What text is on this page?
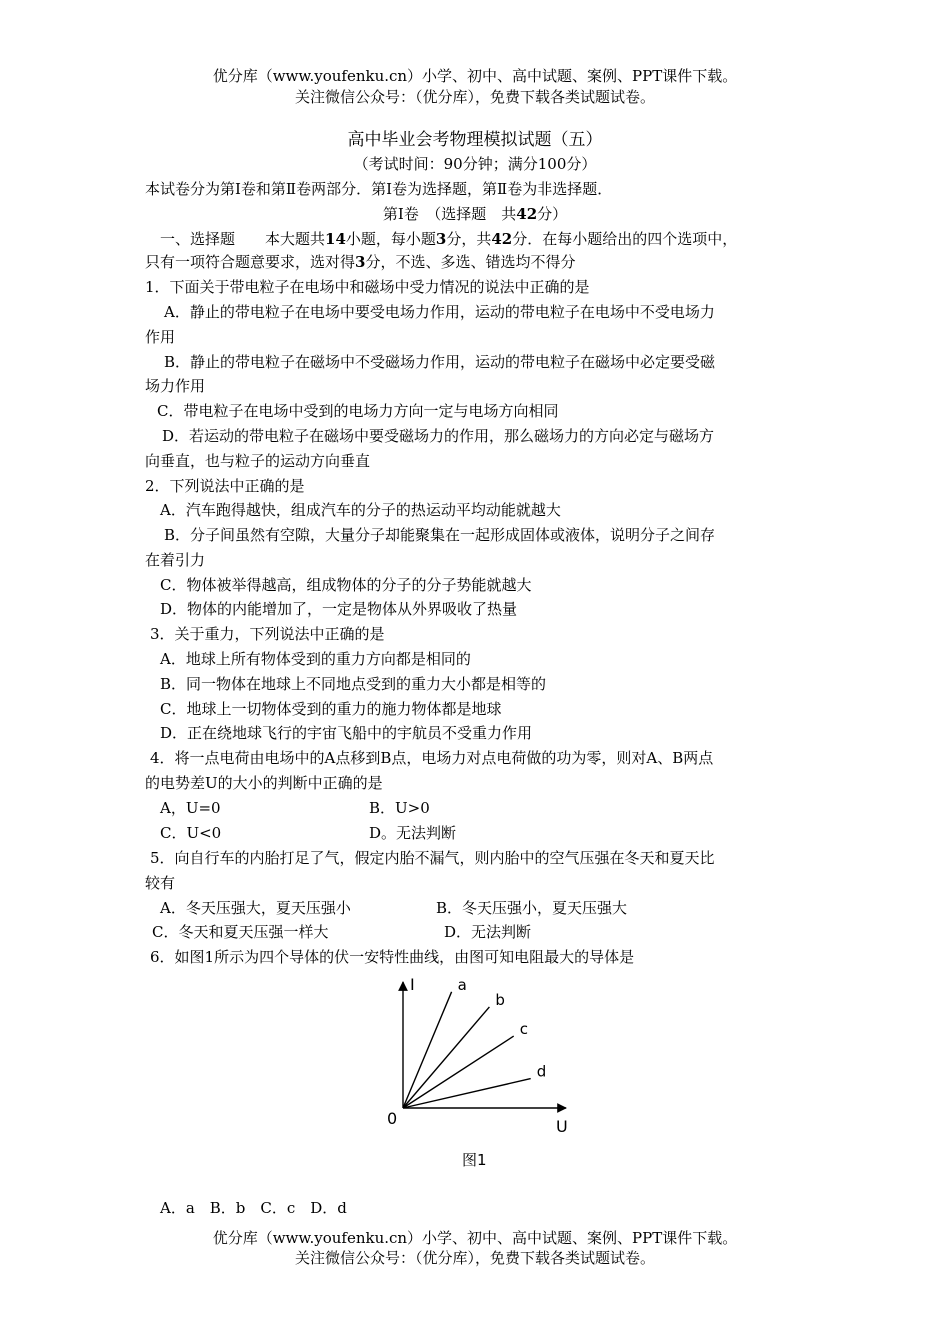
优分库（www.youfenku.cn）小学、初中、高中试题、案例、PPT课件下载。
关注微信公众号：（优分库），免费下载各类试题试卷。
高中毕业会考物理模拟试题（五）
（考试时间：90分钟；满分100分）
本试卷分为第Ⅰ卷和第Ⅱ卷两部分．第Ⅰ卷为选择题，第Ⅱ卷为非选择题．
第Ⅰ卷　（选择题　共42分）
一、选择题　　本大题共14小题，每小题3分，共42分．在每小题给出的四个选项中，
只有一项符合题意要求，选对得3分，不选、多选、错选均不得分
1．下面关于带电粒子在电场中和磁场中受力情况的说法中正确的是
A．静止的带电粒子在电场中要受电场力作用，运动的带电粒子在电场中不受电场力
作用
B．静止的带电粒子在磁场中不受磁场力作用，运动的带电粒子在磁场中必定要受磁
场力作用
C．带电粒子在电场中受到的电场力方向一定与电场方向相同
D．若运动的带电粒子在磁场中要受磁场力的作用，那么磁场力的方向必定与磁场方
向垂直，也与粒子的运动方向垂直
2．下列说法中正确的是
A．汽车跑得越快，组成汽车的分子的热运动平均动能就越大
B．分子间虽然有空隙，大量分子却能聚集在一起形成固体或液体，说明分子之间存
在着引力
C．物体被举得越高，组成物体的分子的分子势能就越大
D．物体的内能增加了，一定是物体从外界吸收了热量
3．关于重力，下列说法中正确的是
A．地球上所有物体受到的重力方向都是相同的
B．同一物体在地球上不同地点受到的重力大小都是相等的
C．地球上一切物体受到的重力的施力物体都是地球
D．正在绕地球飞行的宇宙飞船中的宇航员不受重力作用
4．将一点电荷由电场中的A点移到B点，电场力对点电荷做的功为零，则对A、B两点
的电势差U的大小的判断中正确的是
A，U=0	B．U>0
C．U<0	D。无法判断
5．向自行车的内胎打足了气，假定内胎不漏气，则内胎中的空气压强在冬天和夏天比
较有
A．冬天压强大，夏天压强小	B．冬天压强小，夏天压强大
C．冬天和夏天压强一样大	D．无法判断
6．如图1所示为四个导体的伏一安特性曲线，由图可知电阻最大的导体是
I
U
0
a
b
c
d
图1
A．a　B．b　C．c　D．d
优分库（www.youfenku.cn）小学、初中、高中试题、案例、PPT课件下载。
关注微信公众号：（优分库），免费下载各类试题试卷。
